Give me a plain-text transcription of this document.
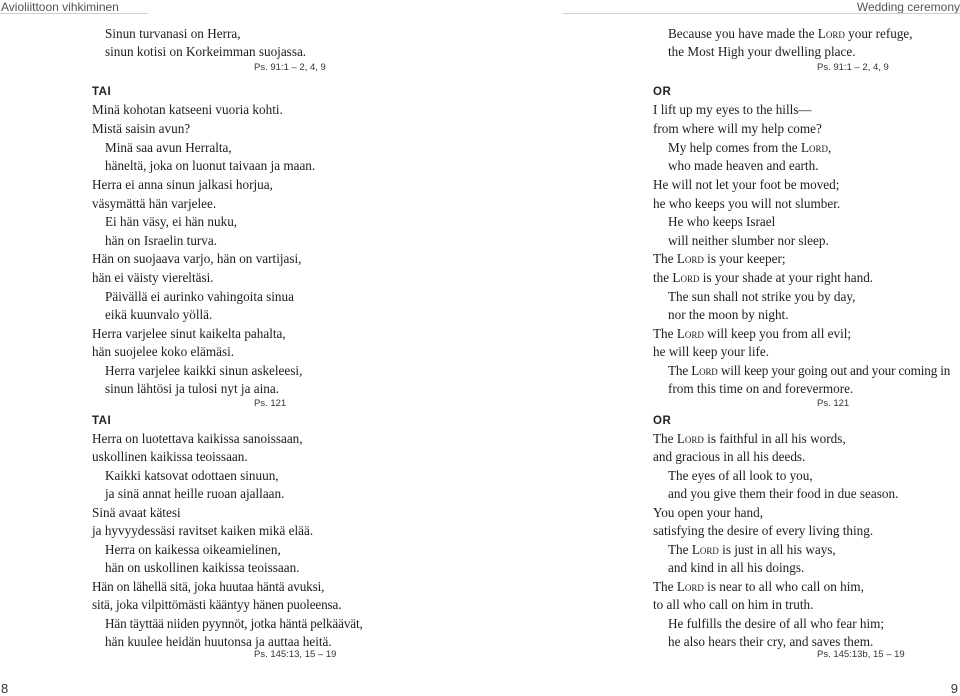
Avioliittoon vihkiminen
Sinun turvanasi on Herra,
sinun kotisi on Korkeimman suojassa.
Ps. 91:1 – 2, 4, 9
TAI
Minä kohotan katseeni vuoria kohti.
Mistä saisin avun?
Minä saa avun Herralta,
häneltä, joka on luonut taivaan ja maan.
Herra ei anna sinun jalkasi horjua,
väsymättä hän varjelee.
Ei hän väsy, ei hän nuku,
hän on Israelin turva.
Hän on suojaava varjo, hän on vartijasi,
hän ei väisty viereltäsi.
Päivällä ei aurinko vahingoita sinua
eikä kuunvalo yöllä.
Herra varjelee sinut kaikelta pahalta,
hän suojelee koko elämäsi.
Herra varjelee kaikki sinun askeleesi,
sinun lähtösi ja tulosi nyt ja aina.
Ps. 121
TAI
Herra on luotettava kaikissa sanoissaan,
uskollinen kaikissa teoissaan.
Kaikki katsovat odottaen sinuun,
ja sinä annat heille ruoan ajallaan.
Sinä avaat kätesi
ja hyvyydessäsi ravitset kaiken mikä elää.
Herra on kaikessa oikeamielinen,
hän on uskollinen kaikissa teoissaan.
Hän on lähellä sitä, joka huutaa häntä avuksi,
sitä, joka vilpittömästi kääntyy hänen puoleensa.
Hän täyttää niiden pyynnöt, jotka häntä pelkäävät,
hän kuulee heidän huutonsa ja auttaa heitä.
Ps. 145:13, 15 – 19
8
Wedding ceremony
Because you have made the Lord your refuge,
the Most High your dwelling place.
Ps. 91:1 – 2, 4, 9
OR
I lift up my eyes to the hills—
from where will my help come?
My help comes from the Lord,
who made heaven and earth.
He will not let your foot be moved;
he who keeps you will not slumber.
He who keeps Israel
will neither slumber nor sleep.
The Lord is your keeper;
the Lord is your shade at your right hand.
The sun shall not strike you by day,
nor the moon by night.
The Lord will keep you from all evil;
he will keep your life.
The Lord will keep your going out and your coming in
from this time on and forevermore.
Ps. 121
OR
The Lord is faithful in all his words,
and gracious in all his deeds.
The eyes of all look to you,
and you give them their food in due season.
You open your hand,
satisfying the desire of every living thing.
The Lord is just in all his ways,
and kind in all his doings.
The Lord is near to all who call on him,
to all who call on him in truth.
He fulfills the desire of all who fear him;
he also hears their cry, and saves them.
Ps. 145:13b, 15 – 19
9
